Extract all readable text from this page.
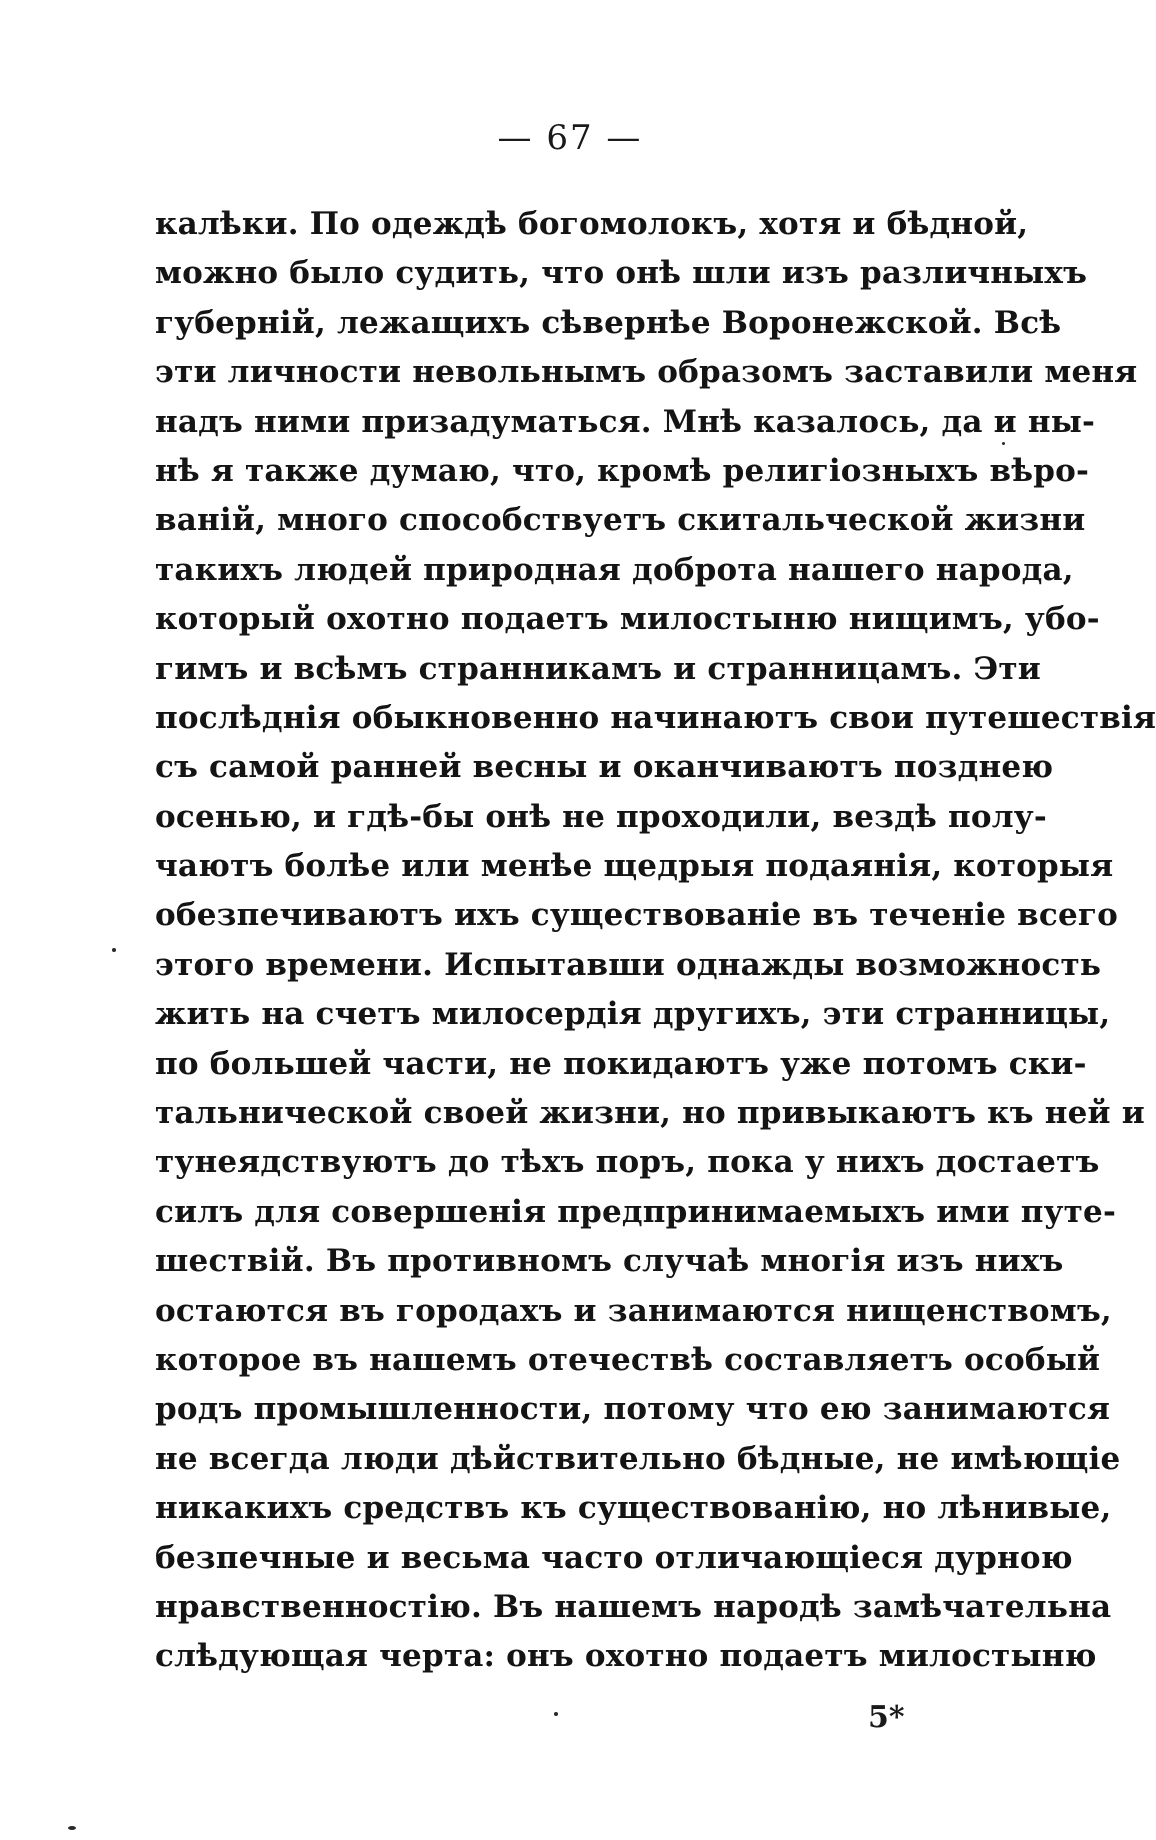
— 67 —
калѣки. По одеждѣ богомолокъ, хотя и бѣдной,
можно было судить, что онѣ шли изъ различныхъ
губерній, лежащихъ сѣвернѣе Воронежской. Всѣ
эти личности невольнымъ образомъ заставили меня
надъ ними призадуматься. Мнѣ казалось, да и ны-
нѣ я также думаю, что, кромѣ религіозныхъ вѣро-
ваній, много способствуетъ скитальческой жизни
такихъ людей природная доброта нашего народа,
который охотно подаетъ милостыню нищимъ, убо-
гимъ и всѣмъ странникамъ и странницамъ. Эти
послѣднія обыкновенно начинаютъ свои путешествія
съ самой ранней весны и оканчиваютъ позднею
осенью, и гдѣ-бы онѣ не проходили, вездѣ полу-
чаютъ болѣе или менѣе щедрыя подаянія, которыя
обезпечиваютъ ихъ существованіе въ теченіе всего
этого времени. Испытавши однажды возможность
жить на счетъ милосердія другихъ, эти странницы,
по большей части, не покидаютъ уже потомъ ски-
тальнической своей жизни, но привыкаютъ къ ней и
тунеядствуютъ до тѣхъ поръ, пока у нихъ достаетъ
силъ для совершенія предпринимаемыхъ ими путе-
шествій. Въ противномъ случаѣ многія изъ нихъ
остаются въ городахъ и занимаются нищенствомъ,
которое въ нашемъ отечествѣ составляетъ особый
родъ промышленности, потому что ею занимаются
не всегда люди дѣйствительно бѣдные, не имѣющіе
никакихъ средствъ къ существованію, но лѣнивые,
безпечные и весьма часто отличающіеся дурною
нравственностію. Въ нашемъ народѣ замѣчательна
слѣдующая черта: онъ охотно подаетъ милостыню
5*
